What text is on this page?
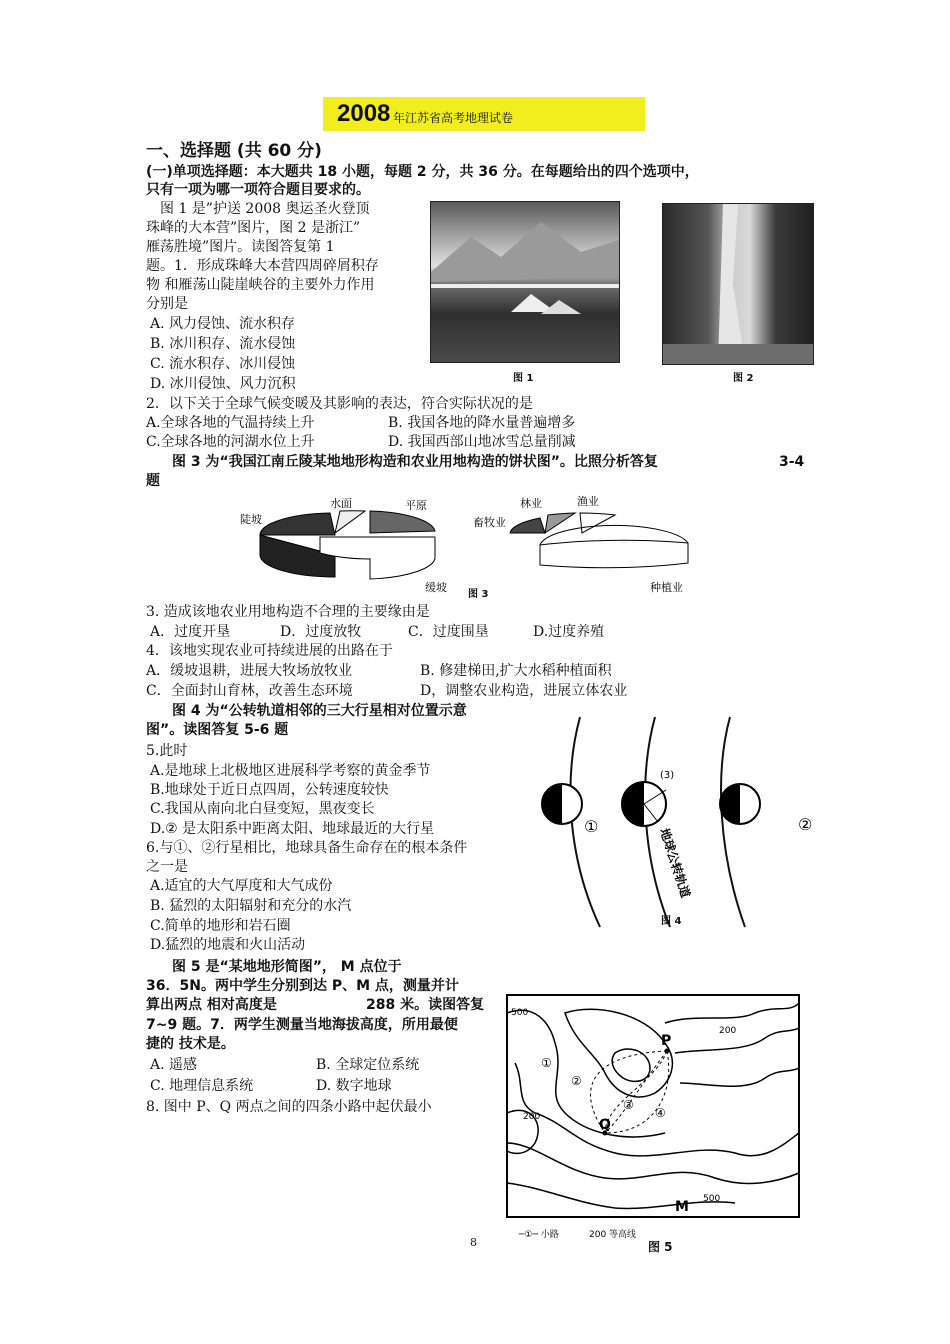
2008 年江苏省高考地理试卷
一、选择题 (共 60 分)
(一)单项选择题：本大题共 18 小题，每题 2 分，共 36 分。在每题给出的四个选项中，
只有一项为哪一项符合题目要求的。
图 1 是”护送 2008 奥运圣火登顶
珠峰的大本营”图片，图 2 是浙江”
雁荡胜境”图片。读图答复第 1
题。1．形成珠峰大本营四周碎屑积存
物 和雁荡山陡崖峡谷的主要外力作用
分别是
A. 风力侵蚀、流水积存
B. 冰川积存、流水侵蚀
C. 流水积存、冰川侵蚀
D. 冰川侵蚀、风力沉积	图 1	图 2
2．以下关于全球气候变暖及其影响的表达，符合实际状况的是
A.全球各地的气温持续上升	B. 我国各地的降水量普遍增多
C.全球各地的河湖水位上升	D. 我国西部山地冰雪总量削减
图 3 为“我国江南丘陵某地地形构造和农业用地构造的饼状图”。比照分析答复	3-4
题
陡坡
水面	平原
缓坡
畜牧业
林业	渔业
种植业
图 3
3. 造成该地农业用地构造不合理的主要缘由是
A．过度开垦	D．过度放牧	C．过度围垦	D.过度养殖
4．该地实现农业可持续进展的出路在于
A．缓坡退耕，进展大牧场放牧业	B. 修建梯田,扩大水稻种植面积
C．全面封山育林，改善生态环境	D，调整农业构造，进展立体农业
图 4 为“公转轨道相邻的三大行星相对位置示意
图”。读图答复 5-6 题
5.此时
A.是地球上北极地区进展科学考察的黄金季节
B.地球处于近日点四周，公转速度较快
C.我国从南向北白昼变短，黑夜变长
D.② 是太阳系中距离太阳、地球最近的大行星
6.与①、②行星相比，地球具备生命存在的根本条件
之一是
A.适宜的大气厚度和大气成份
B. 猛烈的太阳辐射和充分的水汽
C.简单的地形和岩石圈
D.猛烈的地震和火山活动
①	②
(3)
地球公转轨道
图 4
图 5 是“某地地形简图”， M 点位于
36．5N。两中学生分别到达 P、M 点，测量并计
算出两点 相对高度是	288 米。读图答复
7~9 题。7．两学生测量当地海拔高度，所用最便
捷的 技术是。
A. 遥感	B. 全球定位系统
C. 地理信息系统	D. 数字地球
8. 图中 P、Q 两点之间的四条小路中起伏最小
500
200
200
500
P
Q
M
①
②
③
④
─①─ 小路	200 等高线
图 5
8
